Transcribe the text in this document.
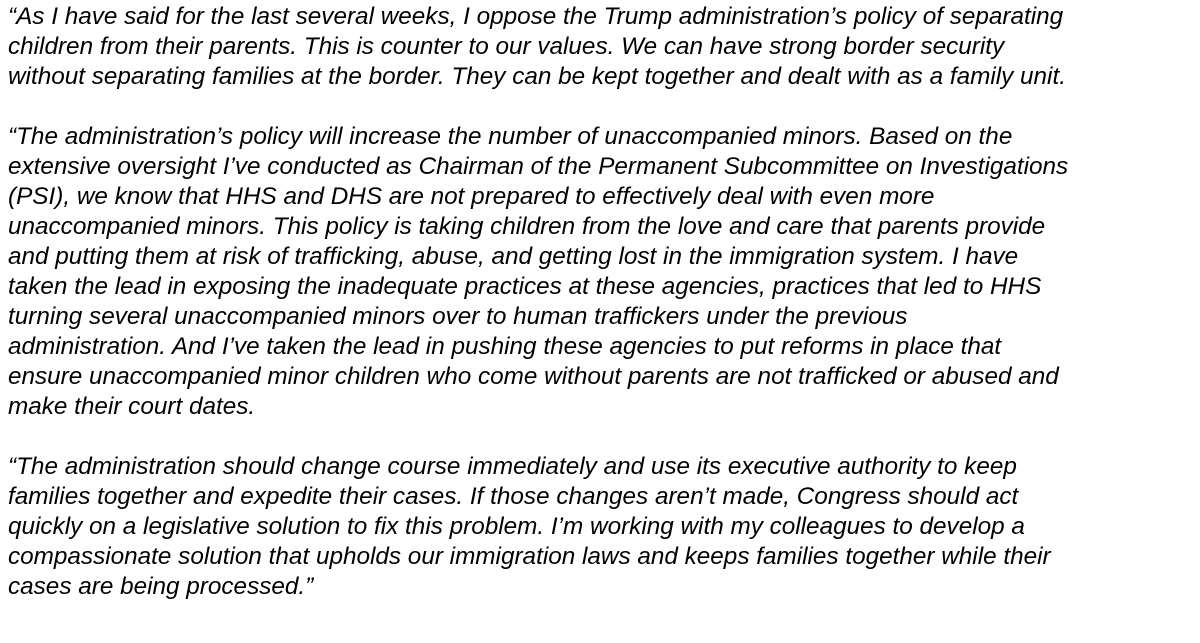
“As I have said for the last several weeks, I oppose the Trump administration’s policy of separating
children from their parents. This is counter to our values. We can have strong border security
without separating families at the border. They can be kept together and dealt with as a family unit.

“The administration’s policy will increase the number of unaccompanied minors. Based on the
extensive oversight I’ve conducted as Chairman of the Permanent Subcommittee on Investigations
(PSI), we know that HHS and DHS are not prepared to effectively deal with even more
unaccompanied minors. This policy is taking children from the love and care that parents provide
and putting them at risk of trafficking, abuse, and getting lost in the immigration system. I have
taken the lead in exposing the inadequate practices at these agencies, practices that led to HHS
turning several unaccompanied minors over to human traffickers under the previous
administration. And I’ve taken the lead in pushing these agencies to put reforms in place that
ensure unaccompanied minor children who come without parents are not trafficked or abused and
make their court dates.

“The administration should change course immediately and use its executive authority to keep
families together and expedite their cases. If those changes aren’t made, Congress should act
quickly on a legislative solution to fix this problem. I’m working with my colleagues to develop a
compassionate solution that upholds our immigration laws and keeps families together while their
cases are being processed.”
